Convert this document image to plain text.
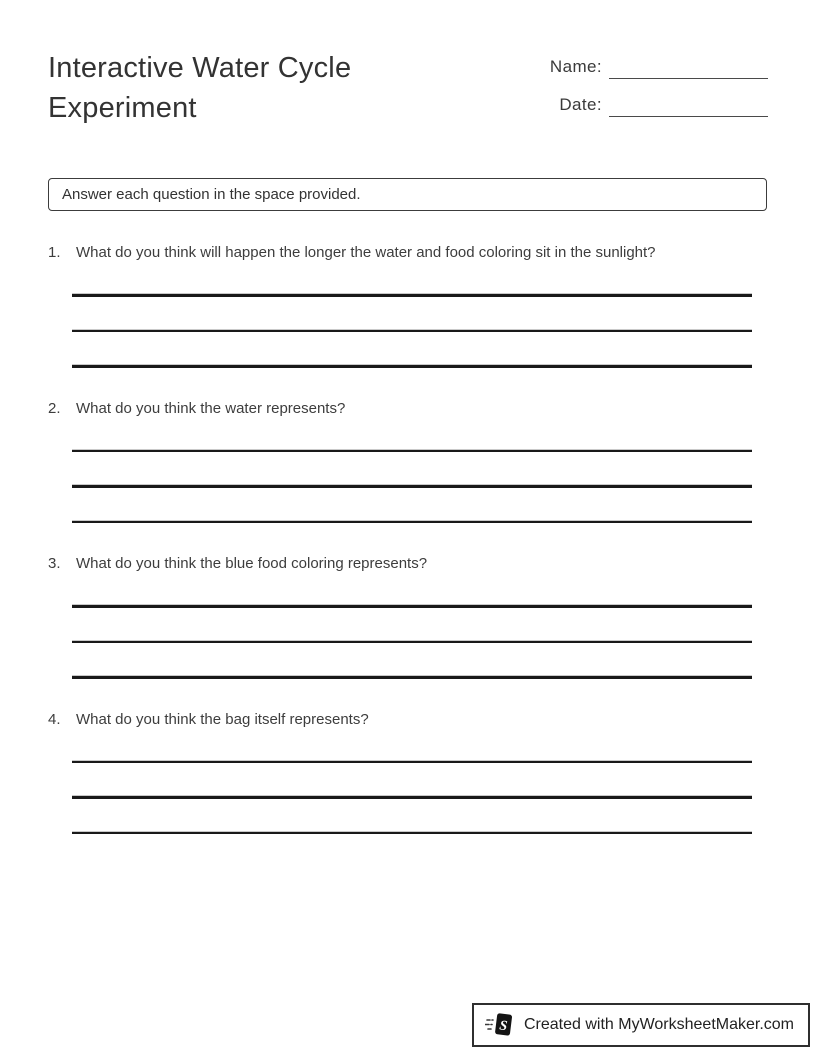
Interactive Water Cycle Experiment
Name:
Date:
Answer each question in the space provided.
1.	What do you think will happen the longer the water and food coloring sit in the sunlight?
2.	What do you think the water represents?
3.	What do you think the blue food coloring represents?
4.	What do you think the bag itself represents?
S Created with MyWorksheetMaker.com
